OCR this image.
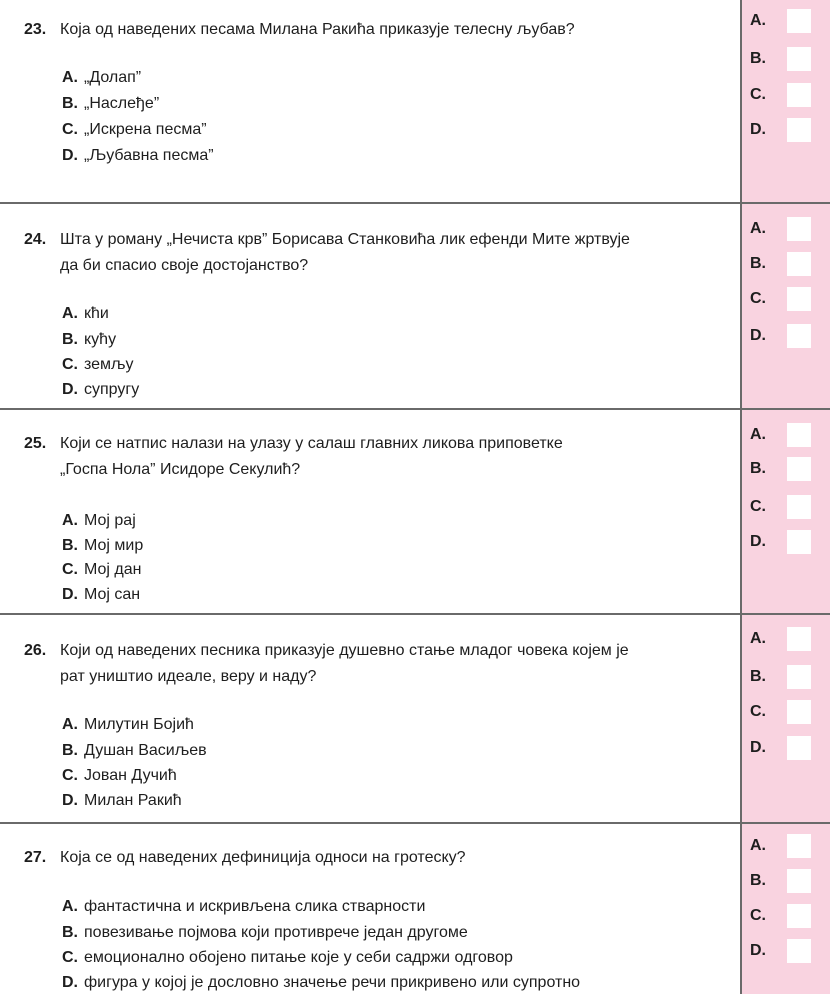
23. Која од наведених песама Милана Ракића приказује телесну љубав?
A. „Долап”
B. „Наслеђе”
C. „Искрена песма”
D. „Љубавна песма”
A.
B.
C.
D.
24. Шта у роману „Нечиста крв” Борисава Станковића лик ефенди Мите жртвује
да би спасио своје достојанство?
A. кћи
B. кућу
C. земљу
D. супругу
A.
B.
C.
D.
25. Који се натпис налази на улазу у салаш главних ликова приповетке
„Госпа Нола” Исидоре Секулић?
A. Мој рај
B. Мој мир
C. Мој дан
D. Мој сан
A.
B.
C.
D.
26. Који од наведених песника приказује душевно стање младог човека којем је
рат уништио идеале, веру и наду?
A. Милутин Бојић
B. Душан Васиљев
C. Јован Дучић
D. Милан Ракић
A.
B.
C.
D.
27. Која се од наведених дефиниција односи на гротеску?
A. фантастична и искривљена слика стварности
B. повезивање појмова који противрече један другоме
C. емоционално обојено питање које у себи садржи одговор
D. фигура у којој је дословно значење речи прикривено или супротно
A.
B.
C.
D.
